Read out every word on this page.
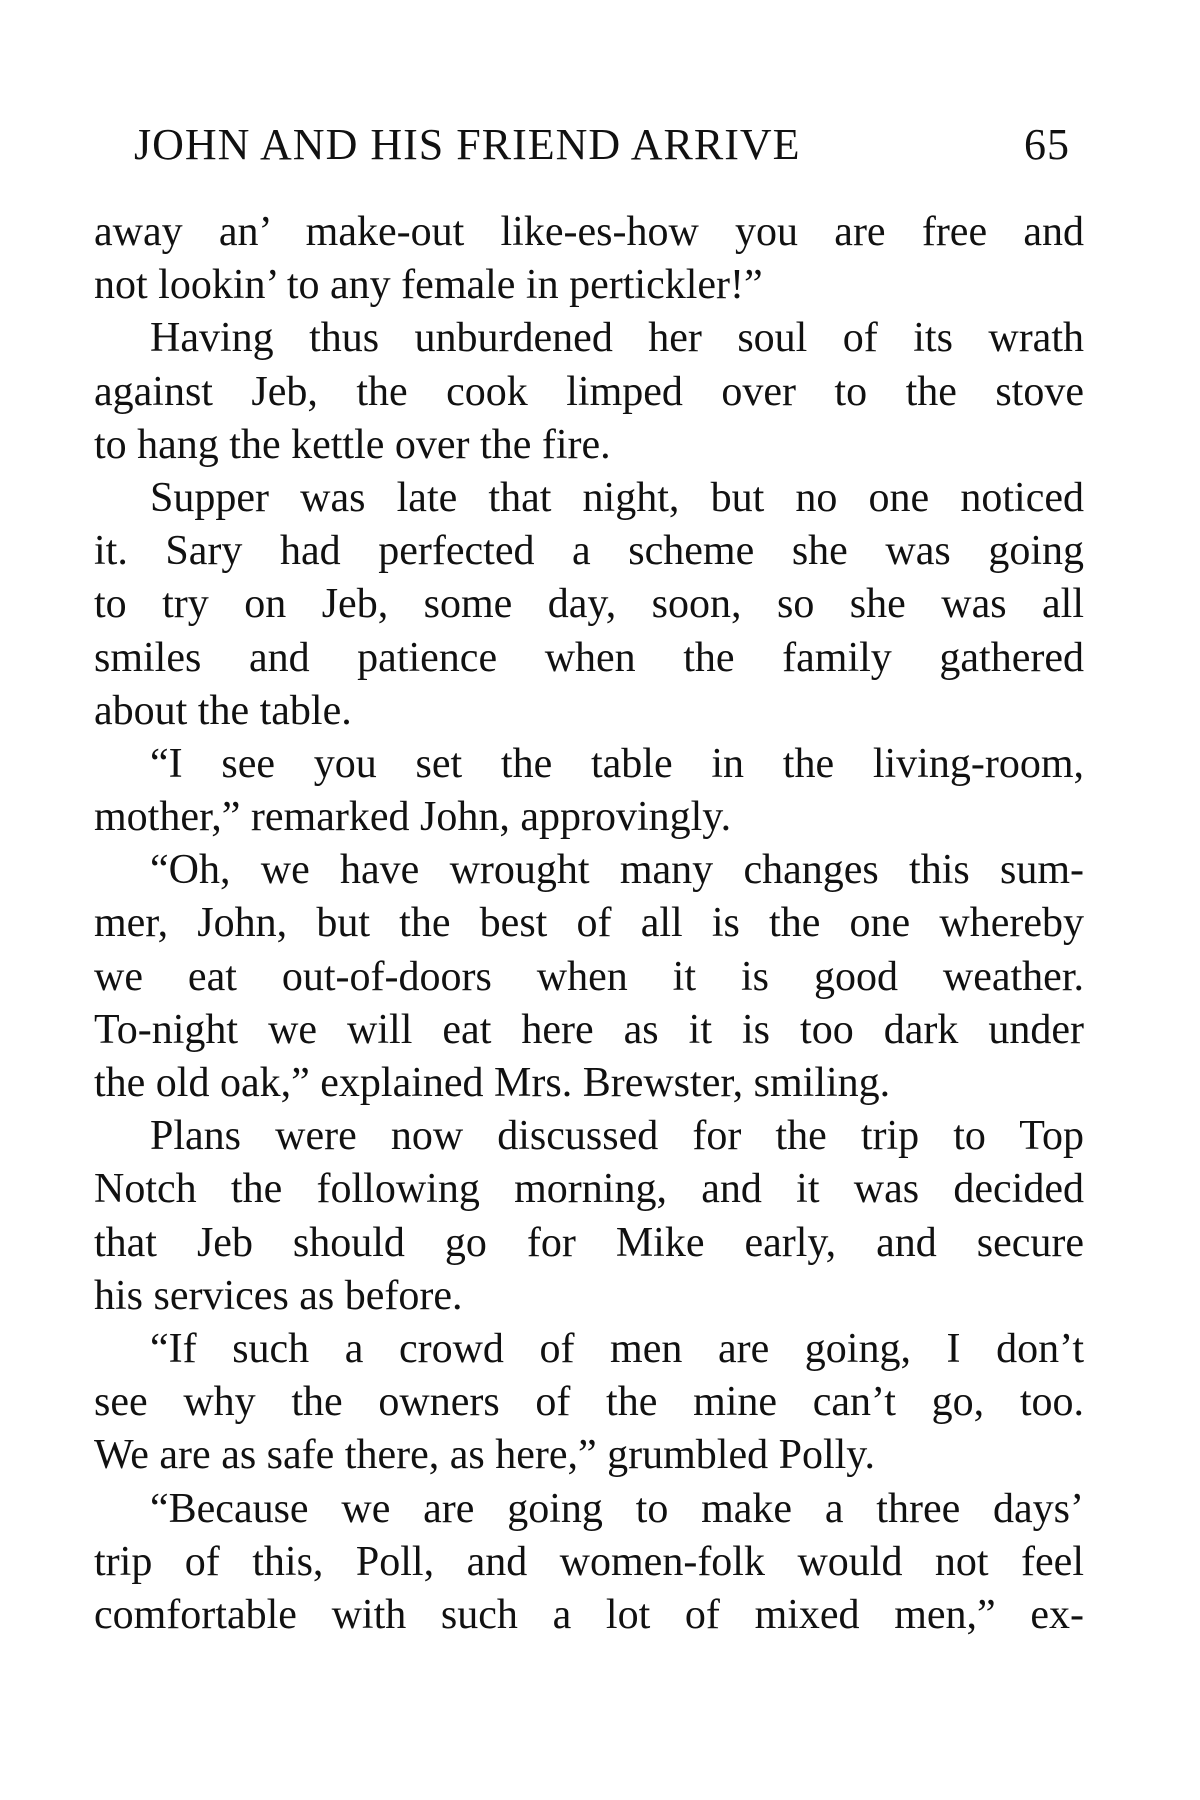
JOHN AND HIS FRIEND ARRIVE	65
away an’ make-out like-es-how you are free and
not lookin’ to any female in pertickler!”
Having thus unburdened her soul of its wrath
against Jeb, the cook limped over to the stove
to hang the kettle over the fire.
Supper was late that night, but no one noticed
it. Sary had perfected a scheme she was going
to try on Jeb, some day, soon, so she was all
smiles and patience when the family gathered
about the table.
“I see you set the table in the living-room,
mother,” remarked John, approvingly.
“Oh, we have wrought many changes this sum-
mer, John, but the best of all is the one whereby
we eat out-of-doors when it is good weather.
To-night we will eat here as it is too dark under
the old oak,” explained Mrs. Brewster, smiling.
Plans were now discussed for the trip to Top
Notch the following morning, and it was decided
that Jeb should go for Mike early, and secure
his services as before.
“If such a crowd of men are going, I don’t
see why the owners of the mine can’t go, too.
We are as safe there, as here,” grumbled Polly.
“Because we are going to make a three days’
trip of this, Poll, and women-folk would not feel
comfortable with such a lot of mixed men,” ex-
